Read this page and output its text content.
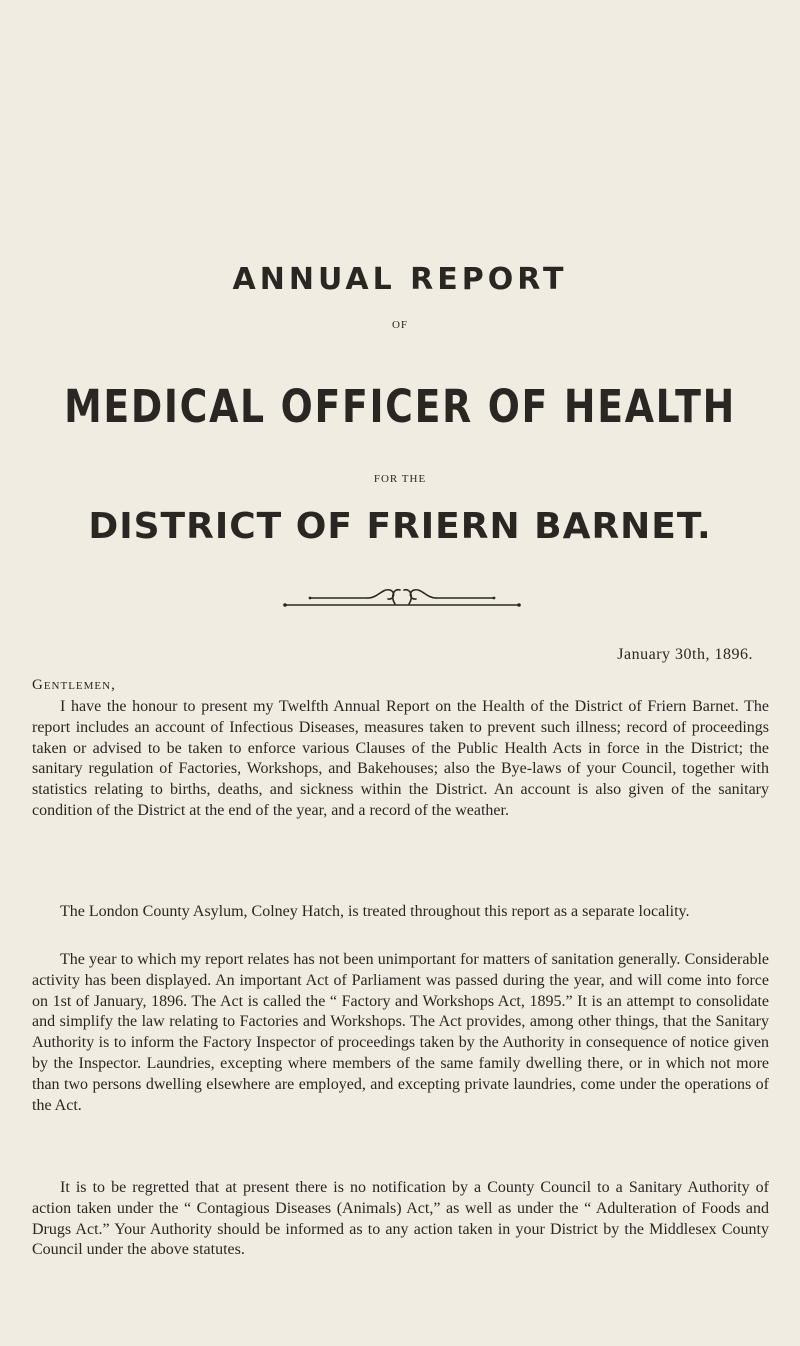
ANNUAL REPORT
OF
MEDICAL OFFICER OF HEALTH
FOR THE
DISTRICT OF FRIERN BARNET.
January 30th, 1896.
Gentlemen,

I have the honour to present my Twelfth Annual Report on the Health of the District of Friern Barnet. The report includes an account of Infectious Diseases, measures taken to prevent such illness; record of proceedings taken or advised to be taken to enforce various Clauses of the Public Health Acts in force in the District; the sanitary regulation of Factories, Workshops, and Bakehouses; also the Bye-laws of your Council, together with statistics relating to births, deaths, and sickness within the District. An account is also given of the sanitary condition of the District at the end of the year, and a record of the weather.

The London County Asylum, Colney Hatch, is treated throughout this report as a separate locality.

The year to which my report relates has not been unimportant for matters of sanitation generally. Considerable activity has been displayed. An important Act of Parliament was passed during the year, and will come into force on 1st of January, 1896. The Act is called the “ Factory and Workshops Act, 1895.” It is an attempt to consolidate and simplify the law relating to Factories and Workshops. The Act provides, among other things, that the Sanitary Authority is to inform the Factory Inspector of proceedings taken by the Authority in consequence of notice given by the Inspector. Laundries, excepting where members of the same family dwelling there, or in which not more than two persons dwelling elsewhere are employed, and excepting private laundries, come under the operations of the Act.

It is to be regretted that at present there is no notification by a County Council to a Sanitary Authority of action taken under the “ Contagious Diseases (Animals) Act,” as well as under the “ Adulteration of Foods and Drugs Act.” Your Authority should be informed as to any action taken in your District by the Middlesex County Council under the above statutes.
